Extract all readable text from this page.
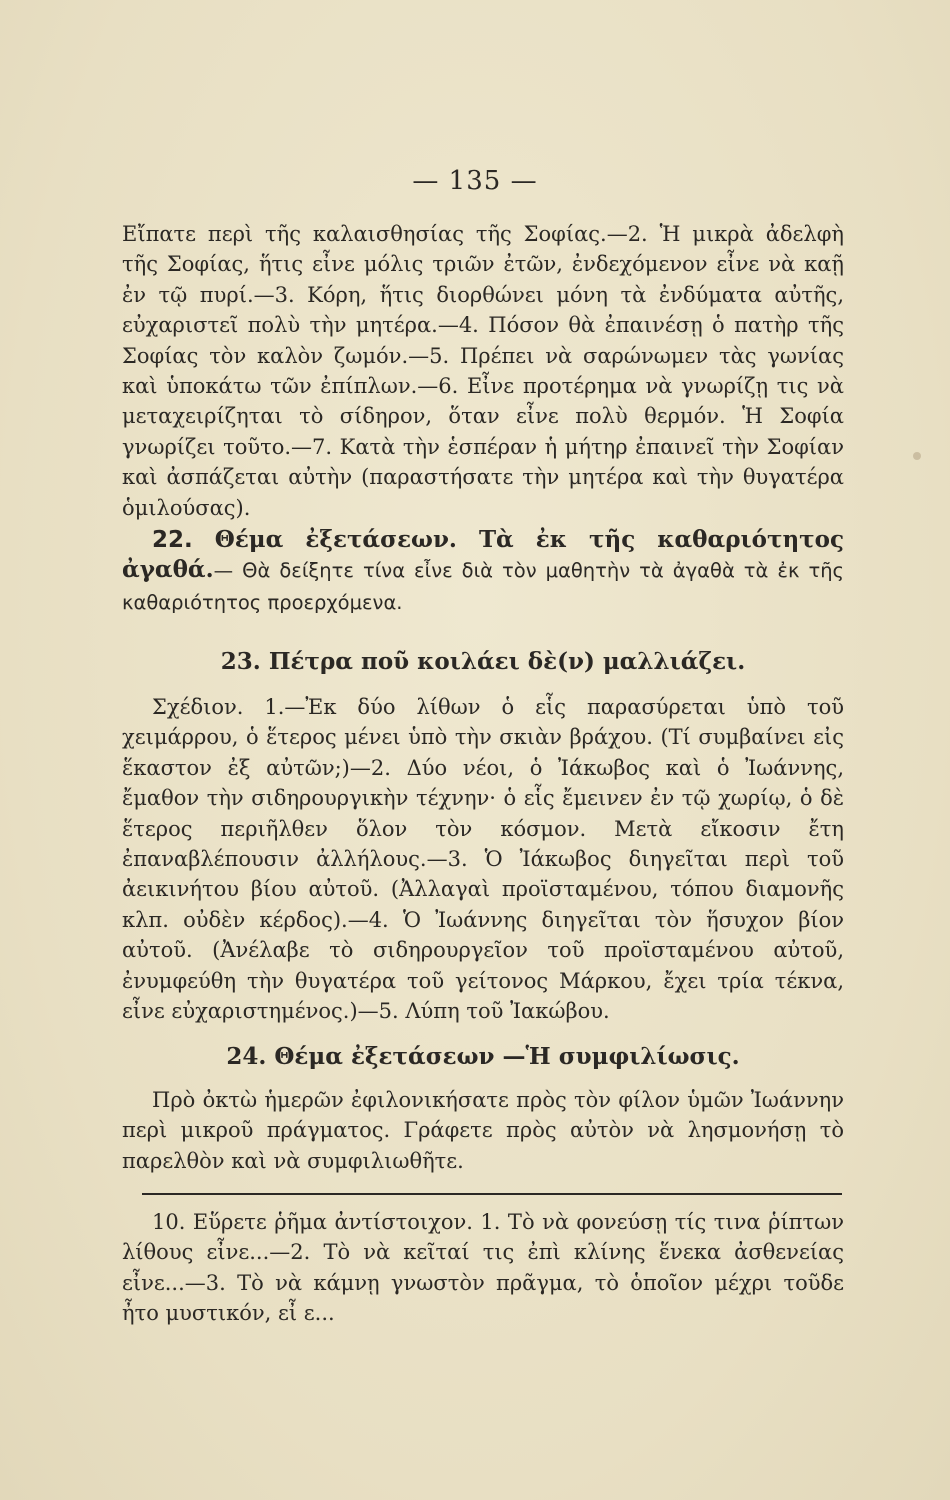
— 135 —

Εἴπατε περὶ τῆς καλαισθησίας τῆς Σοφίας.—2. Ἡ μικρὰ ἀδελφὴ τῆς Σοφίας, ἥτις εἶνε μόλις τριῶν ἐτῶν, ἐνδεχόμενον εἶνε νὰ καῇ ἐν τῷ πυρί.—3. Κόρη, ἥτις διορθώνει μόνη τὰ ἐνδύματα αὐτῆς, εὐχαριστεῖ πολὺ τὴν μητέρα.—4. Πόσον θὰ ἐπαινέσῃ ὁ πατὴρ τῆς Σοφίας τὸν καλὸν ζωμόν.—5. Πρέπει νὰ σαρώνωμεν τὰς γωνίας καὶ ὑποκάτω τῶν ἐπίπλων.—6. Εἶνε προτέρημα νὰ γνωρίζῃ τις νὰ μεταχειρίζηται τὸ σίδηρον, ὅταν εἶνε πολὺ θερμόν. Ἡ Σοφία γνωρίζει τοῦτο.—7. Κατὰ τὴν ἑσπέραν ἡ μήτηρ ἐπαινεῖ τὴν Σοφίαν καὶ ἀσπάζεται αὐτὴν (παραστήσατε τὴν μητέρα καὶ τὴν θυγατέρα ὁμιλούσας).

22. Θέμα ἐξετάσεων. Τὰ ἐκ τῆς καθαριότητος ἀγαθά.— Θὰ δείξητε τίνα εἶνε διὰ τὸν μαθητὴν τὰ ἀγαθὰ τὰ ἐκ τῆς καθαριότητος προερχόμενα.

23. Πέτρα ποῦ κοιλάει δὲ(ν) μαλλιάζει.

Σχέδιον. 1.—Ἐκ δύο λίθων ὁ εἷς παρασύρεται ὑπὸ τοῦ χειμάρρου, ὁ ἕτερος μένει ὑπὸ τὴν σκιὰν βράχου. (Τί συμβαίνει εἰς ἕκαστον ἐξ αὐτῶν;)—2. Δύο νέοι, ὁ Ἰάκωβος καὶ ὁ Ἰωάννης, ἔμαθον τὴν σιδηρουργικὴν τέχνην· ὁ εἷς ἔμεινεν ἐν τῷ χωρίῳ, ὁ δὲ ἕτερος περιῆλθεν ὅλον τὸν κόσμον. Μετὰ εἴκοσιν ἔτη ἐπαναβλέπουσιν ἀλλήλους.—3. Ὁ Ἰάκωβος διηγεῖται περὶ τοῦ ἀεικινήτου βίου αὐτοῦ. (Ἀλλαγαὶ προϊσταμένου, τόπου διαμονῆς κλπ. οὐδὲν κέρδος).—4. Ὁ Ἰωάννης διηγεῖται τὸν ἥσυχον βίον αὐτοῦ. (Ἀνέλαβε τὸ σιδηρουργεῖον τοῦ προϊσταμένου αὐτοῦ, ἐνυμφεύθη τὴν θυγατέρα τοῦ γείτονος Μάρκου, ἔχει τρία τέκνα, εἶνε εὐχαριστημένος.)—5. Λύπη τοῦ Ἰακώβου.

24. Θέμα ἐξετάσεων —Ἡ συμφιλίωσις.

Πρὸ ὀκτὼ ἡμερῶν ἐφιλονικήσατε πρὸς τὸν φίλον ὑμῶν Ἰωάννην περὶ μικροῦ πράγματος. Γράφετε πρὸς αὐτὸν νὰ λησμονήσῃ τὸ παρελθὸν καὶ νὰ συμφιλιωθῆτε.

10. Εὕρετε ῥῆμα ἀντίστοιχον. 1. Τὸ νὰ φονεύσῃ τίς τινα ῥίπτων λίθους εἶνε...—2. Τὸ νὰ κεῖταί τις ἐπὶ κλίνης ἕνεκα ἀσθενείας εἶνε...—3. Τὸ νὰ κάμνῃ γνωστὸν πρᾶγμα, τὸ ὁποῖον μέχρι τοῦδε ἦτο μυστικόν, εἶ ε...
